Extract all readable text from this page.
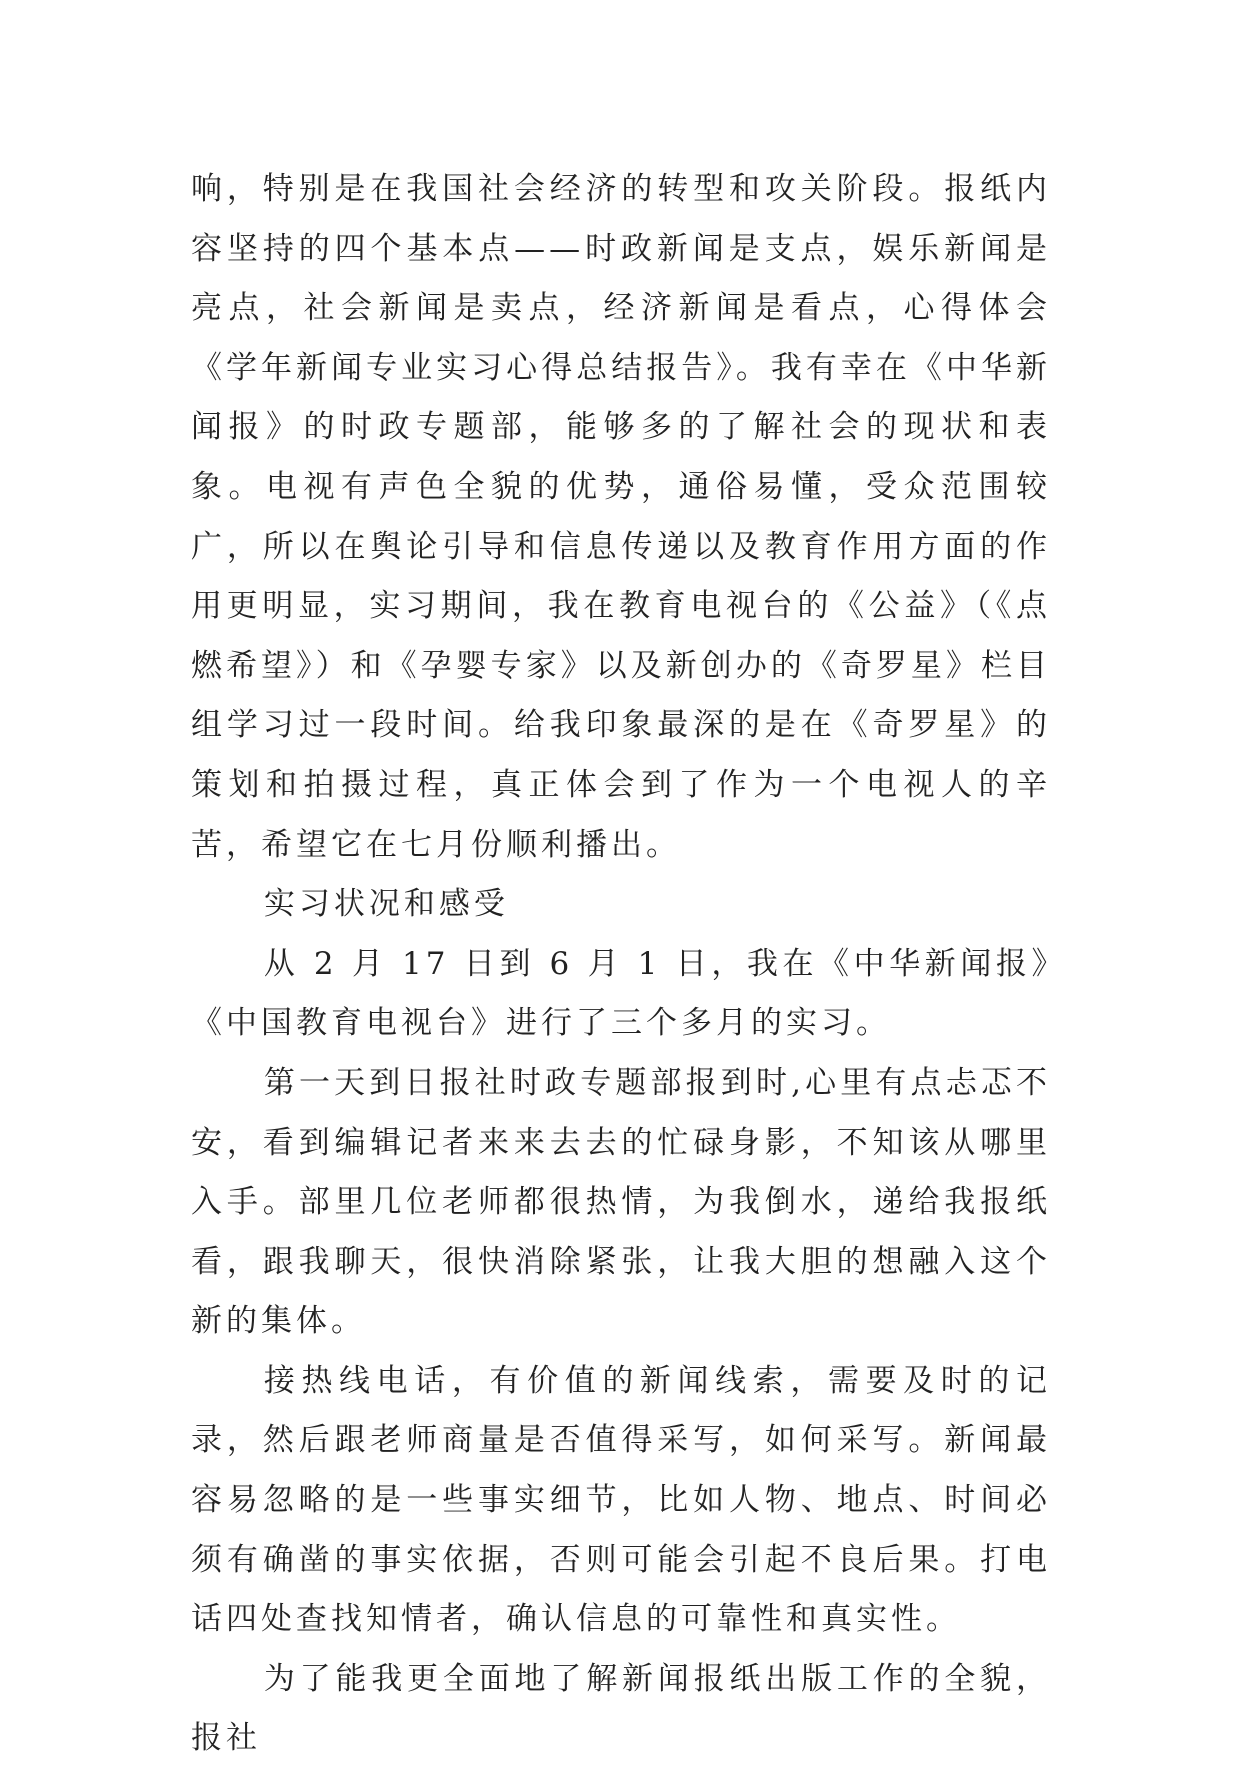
响，特别是在我国社会经济的转型和攻关阶段。报纸内容坚持的四个基本点——时政新闻是支点，娱乐新闻是亮点，社会新闻是卖点，经济新闻是看点，心得体会《学年新闻专业实习心得总结报告》。我有幸在《中华新闻报》的时政专题部，能够多的了解社会的现状和表象。电视有声色全貌的优势，通俗易懂，受众范围较广，所以在舆论引导和信息传递以及教育作用方面的作用更明显，实习期间，我在教育电视台的《公益》（《点燃希望》）和《孕婴专家》以及新创办的《奇罗星》栏目组学习过一段时间。给我印象最深的是在《奇罗星》的策划和拍摄过程，真正体会到了作为一个电视人的辛苦，希望它在七月份顺利播出。

实习状况和感受

从 2 月 17 日到 6 月 1 日，我在《中华新闻报》《中国教育电视台》进行了三个多月的实习。

第一天到日报社时政专题部报到时,心里有点忐忑不安，看到编辑记者来来去去的忙碌身影，不知该从哪里入手。部里几位老师都很热情，为我倒水，递给我报纸看，跟我聊天，很快消除紧张，让我大胆的想融入这个新的集体。

接热线电话，有价值的新闻线索，需要及时的记录，然后跟老师商量是否值得采写，如何采写。新闻最容易忽略的是一些事实细节，比如人物、地点、时间必须有确凿的事实依据，否则可能会引起不良后果。打电话四处查找知情者，确认信息的可靠性和真实性。

为了能我更全面地了解新闻报纸出版工作的全貌，报社
